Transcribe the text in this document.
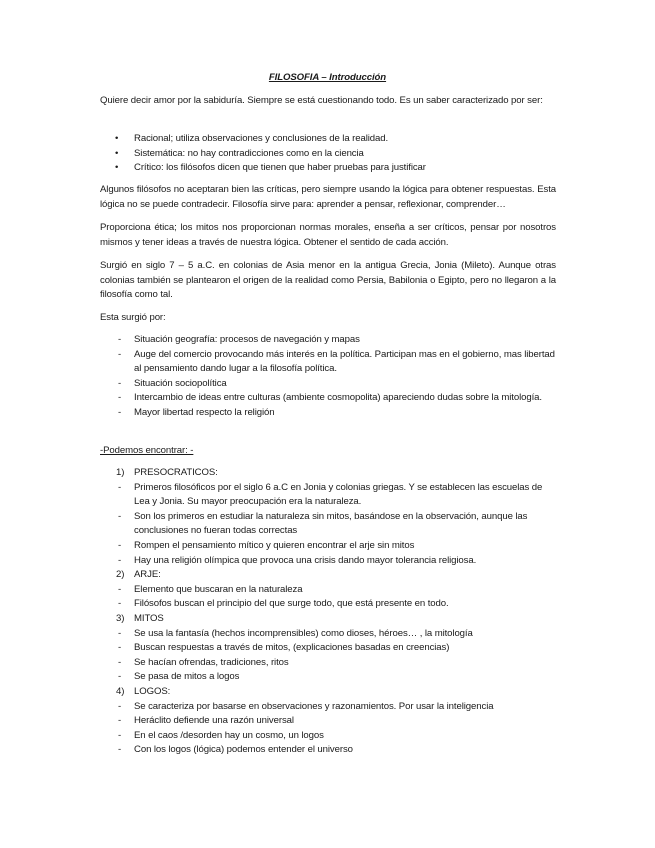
FILOSOFIA – Introducción

Quiere decir amor por la sabiduría. Siempre se está cuestionando todo. Es un saber caracterizado por ser:

• Racional; utiliza observaciones y conclusiones de la realidad.
• Sistemática: no hay contradicciones como en la ciencia
• Crítico: los filósofos dicen que tienen que haber pruebas para justificar

Algunos filósofos no aceptaran bien las críticas, pero siempre usando la lógica para obtener respuestas. Esta lógica no se puede contradecir. Filosofía sirve para: aprender a pensar, reflexionar, comprender…

Proporciona ética; los mitos nos proporcionan normas morales, enseña a ser críticos, pensar por nosotros mismos y tener ideas a través de nuestra lógica. Obtener el sentido de cada acción.

Surgió en siglo 7 – 5 a.C. en colonias de Asia menor en la antigua Grecia, Jonia (Mileto). Aunque otras colonias también se plantearon el origen de la realidad como Persia, Babilonia o Egipto, pero no llegaron a la filosofía como tal.

Esta surgió por:

- Situación geografía: procesos de navegación y mapas
- Auge del comercio provocando más interés en la política. Participan mas en el gobierno, mas libertad al pensamiento dando lugar a la filosofía política.
- Situación sociopolítica
- Intercambio de ideas entre culturas (ambiente cosmopolita) apareciendo dudas sobre la mitología.
- Mayor libertad respecto la religión

-Podemos encontrar: -

1) PRESOCRATICOS:
- Primeros filosóficos por el siglo 6 a.C en Jonia y colonias griegas. Y se establecen las escuelas de Lea y Jonia. Su mayor preocupación era la naturaleza.
- Son los primeros en estudiar la naturaleza sin mitos, basándose en la observación, aunque las conclusiones no fueran todas correctas
- Rompen el pensamiento mítico y quieren encontrar el arje sin mitos
- Hay una religión olímpica que provoca una crisis dando mayor tolerancia religiosa.
2) ARJE:
- Elemento que buscaran en la naturaleza
- Filósofos buscan el principio del que surge todo, que está presente en todo.
3) MITOS
- Se usa la fantasía (hechos incomprensibles) como dioses, héroes… , la mitología
- Buscan respuestas a través de mitos, (explicaciones basadas en creencias)
- Se hacían ofrendas, tradiciones, ritos
- Se pasa de mitos a logos
4) LOGOS:
- Se caracteriza por basarse en observaciones y razonamientos. Por usar la inteligencia
- Heráclito defiende una razón universal
- En el caos /desorden hay un cosmo, un logos
- Con los logos (lógica) podemos entender el universo
